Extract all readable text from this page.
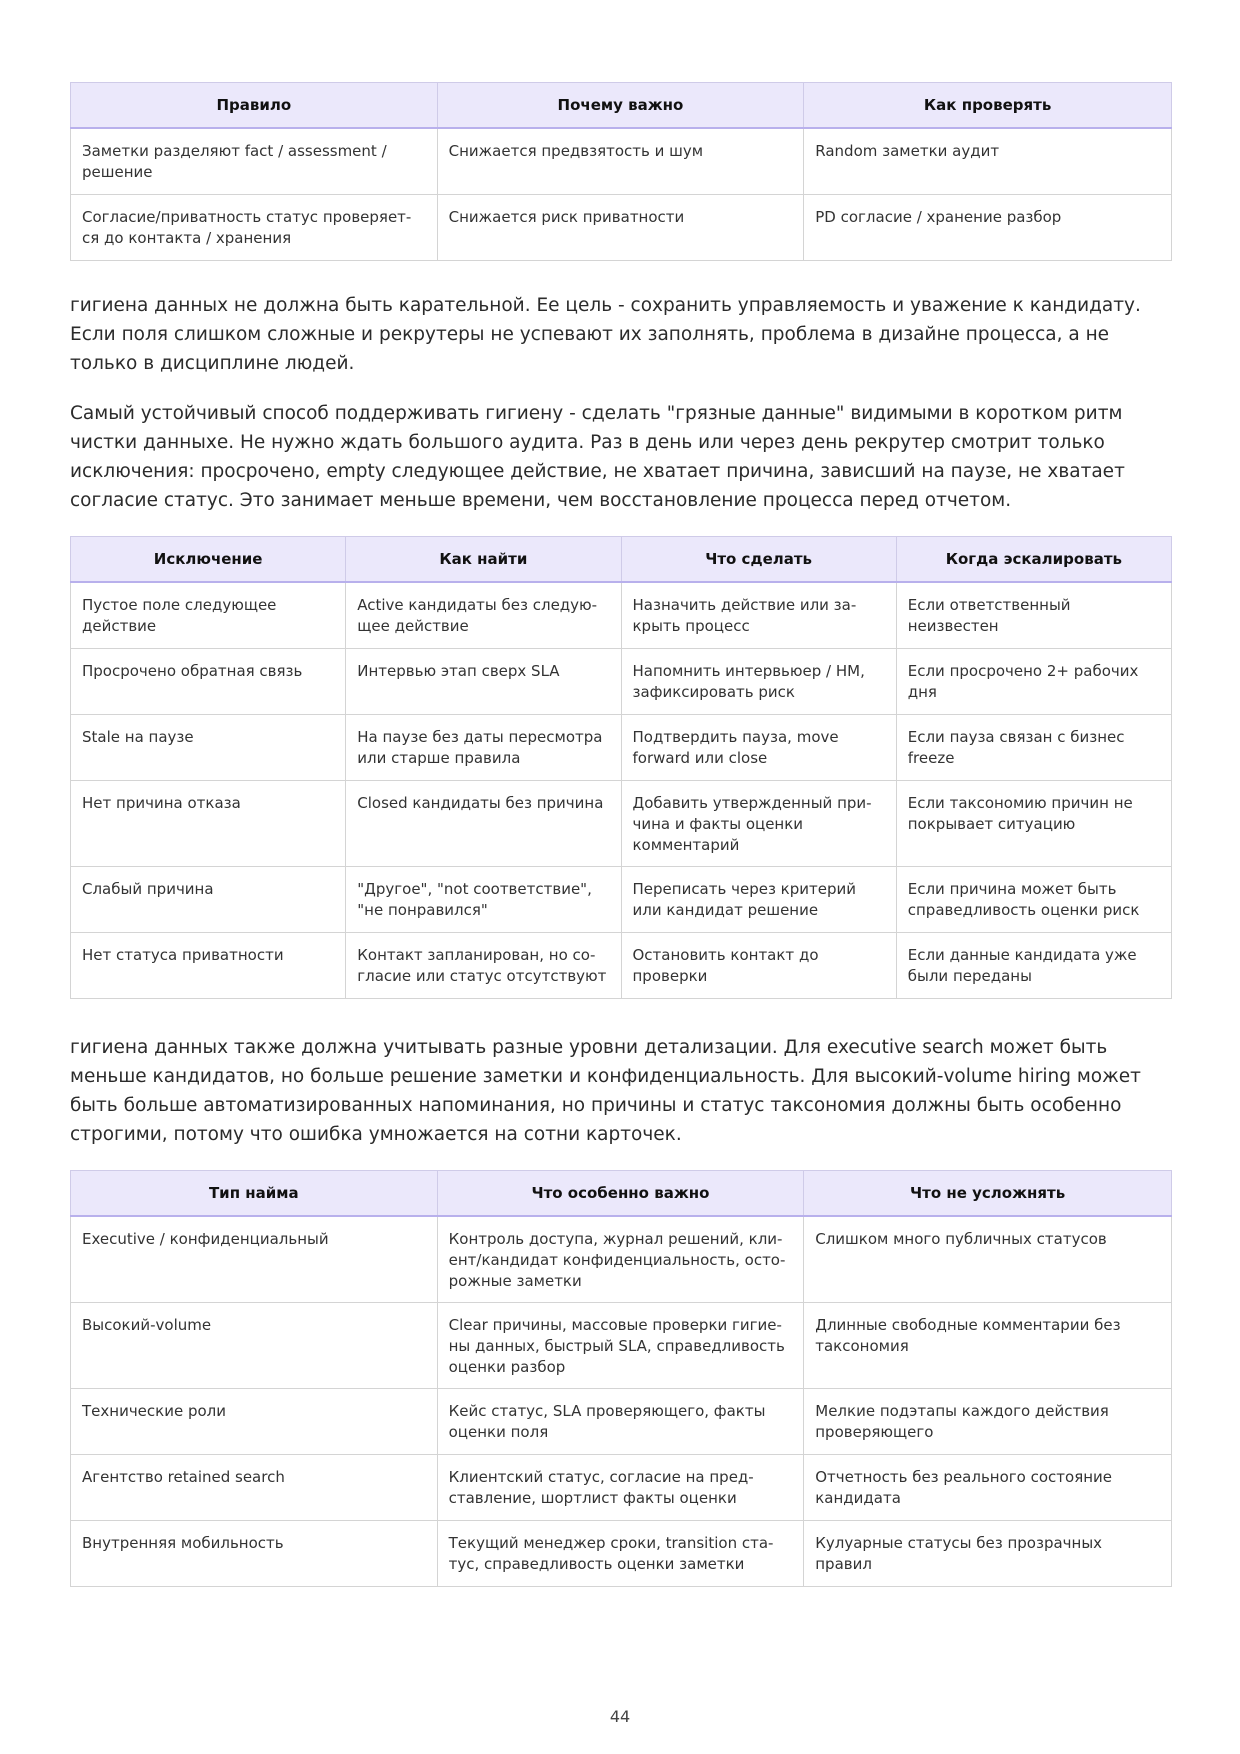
Правило	Почему важно	Как проверять
Заметки разделяют fact / assessment / решение	Снижается предвзятость и шум	Random заметки аудит
Согласие/приватность статус проверяет-ся до контакта / хранения	Снижается риск приватности	PD согласие / хранение разбор

гигиена данных не должна быть карательной. Ее цель - сохранить управляемость и уважение к кандидату. Если поля слишком сложные и рекрутеры не успевают их заполнять, проблема в дизайне процесса, а не только в дисциплине людей.

Самый устойчивый способ поддерживать гигиену - сделать "грязные данные" видимыми в коротком ритм чистки данныхе. Не нужно ждать большого аудита. Раз в день или через день рекрутер смотрит только исключения: просрочено, empty следующее действие, не хватает причина, зависший на паузе, не хватает согласие статус. Это занимает меньше времени, чем восстановление процесса перед отчетом.

Исключение	Как найти	Что сделать	Когда эскалировать
Пустое поле следующее действие	Active кандидаты без следую-щее действие	Назначить действие или за-крыть процесс	Если ответственный неизвестен
Просрочено обратная связь	Интервью этап сверх SLA	Напомнить интервьюер / HM, зафиксировать риск	Если просрочено 2+ рабочих дня
Stale на паузе	На паузе без даты пересмотра или старше правила	Подтвердить пауза, move forward или close	Если пауза связан с бизнес freeze
Нет причина отказа	Closed кандидаты без причина	Добавить утвержденный при-чина и факты оценки комментарий	Если таксономию причин не покрывает ситуацию
Слабый причина	"Другое", "not соответствие", "не понравился"	Переписать через критерий или кандидат решение	Если причина может быть справедливость оценки риск
Нет статуса приватности	Контакт запланирован, но со-гласие или статус отсутствуют	Остановить контакт до проверки	Если данные кандидата уже были переданы

гигиена данных также должна учитывать разные уровни детализации. Для executive search может быть меньше кандидатов, но больше решение заметки и конфиденциальность. Для высокий-volume hiring может быть больше автоматизированных напоминания, но причины и статус таксономия должны быть особенно строгими, потому что ошибка умножается на сотни карточек.

Тип найма	Что особенно важно	Что не усложнять
Executive / конфиденциальный	Контроль доступа, журнал решений, кли-ент/кандидат конфиденциальность, осто-рожные заметки	Слишком много публичных статусов
Высокий-volume	Clear причины, массовые проверки гигие-ны данных, быстрый SLA, справедливость оценки разбор	Длинные свободные комментарии без таксономия
Технические роли	Кейс статус, SLA проверяющего, факты оценки поля	Мелкие подэтапы каждого действия проверяющего
Агентство retained search	Клиентский статус, согласие на пред-ставление, шортлист факты оценки	Отчетность без реального состояние кандидата
Внутренняя мобильность	Текущий менеджер сроки, transition ста-тус, справедливость оценки заметки	Кулуарные статусы без прозрачных правил
44
